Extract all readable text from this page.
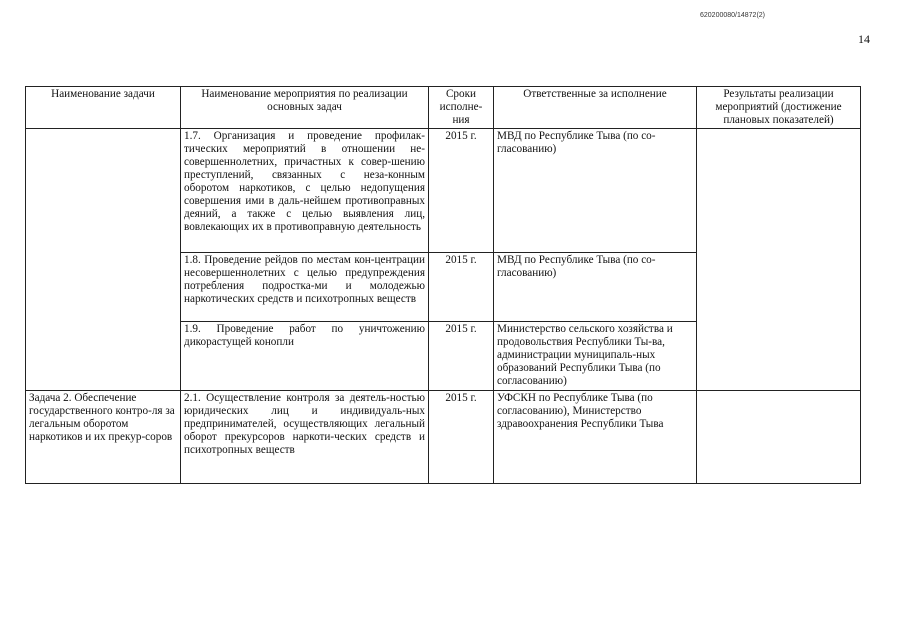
620200080/14872(2)
14
Наименование задачи	Наименование мероприятия по реализации основных задач	Сроки исполне-ния	Ответственные за исполнение	Результаты реализации мероприятий (достижение плановых показателей)
	1.7. Организация и проведение профилак-тических мероприятий в отношении не-совершеннолетних, причастных к совер-шению преступлений, связанных с неза-конным оборотом наркотиков, с целью недопущения совершения ими в даль-нейшем противоправных деяний, а также с целью выявления лиц, вовлекающих их в противоправную деятельность	2015 г.	МВД по Республике Тыва (по со-гласованию)	
	1.8. Проведение рейдов по местам кон-центрации несовершеннолетних с целью предупреждения потребления подростка-ми и молодежью наркотических средств и психотропных веществ	2015 г.	МВД по Республике Тыва (по со-гласованию)	
	1.9. Проведение работ по уничтожению дикорастущей конопли	2015 г.	Министерство сельского хозяйства и продовольствия Республики Ты-ва, администрации муниципаль-ных образований Республики Тыва (по согласованию)	
Задача 2. Обеспечение государственного контро-ля за легальным оборотом наркотиков и их прекур-соров	2.1. Осуществление контроля за деятель-ностью юридических лиц и индивидуаль-ных предпринимателей, осуществляющих легальный оборот прекурсоров наркоти-ческих средств и психотропных веществ	2015 г.	УФСКН по Республике Тыва (по согласованию), Министерство здравоохранения Республики Тыва	
